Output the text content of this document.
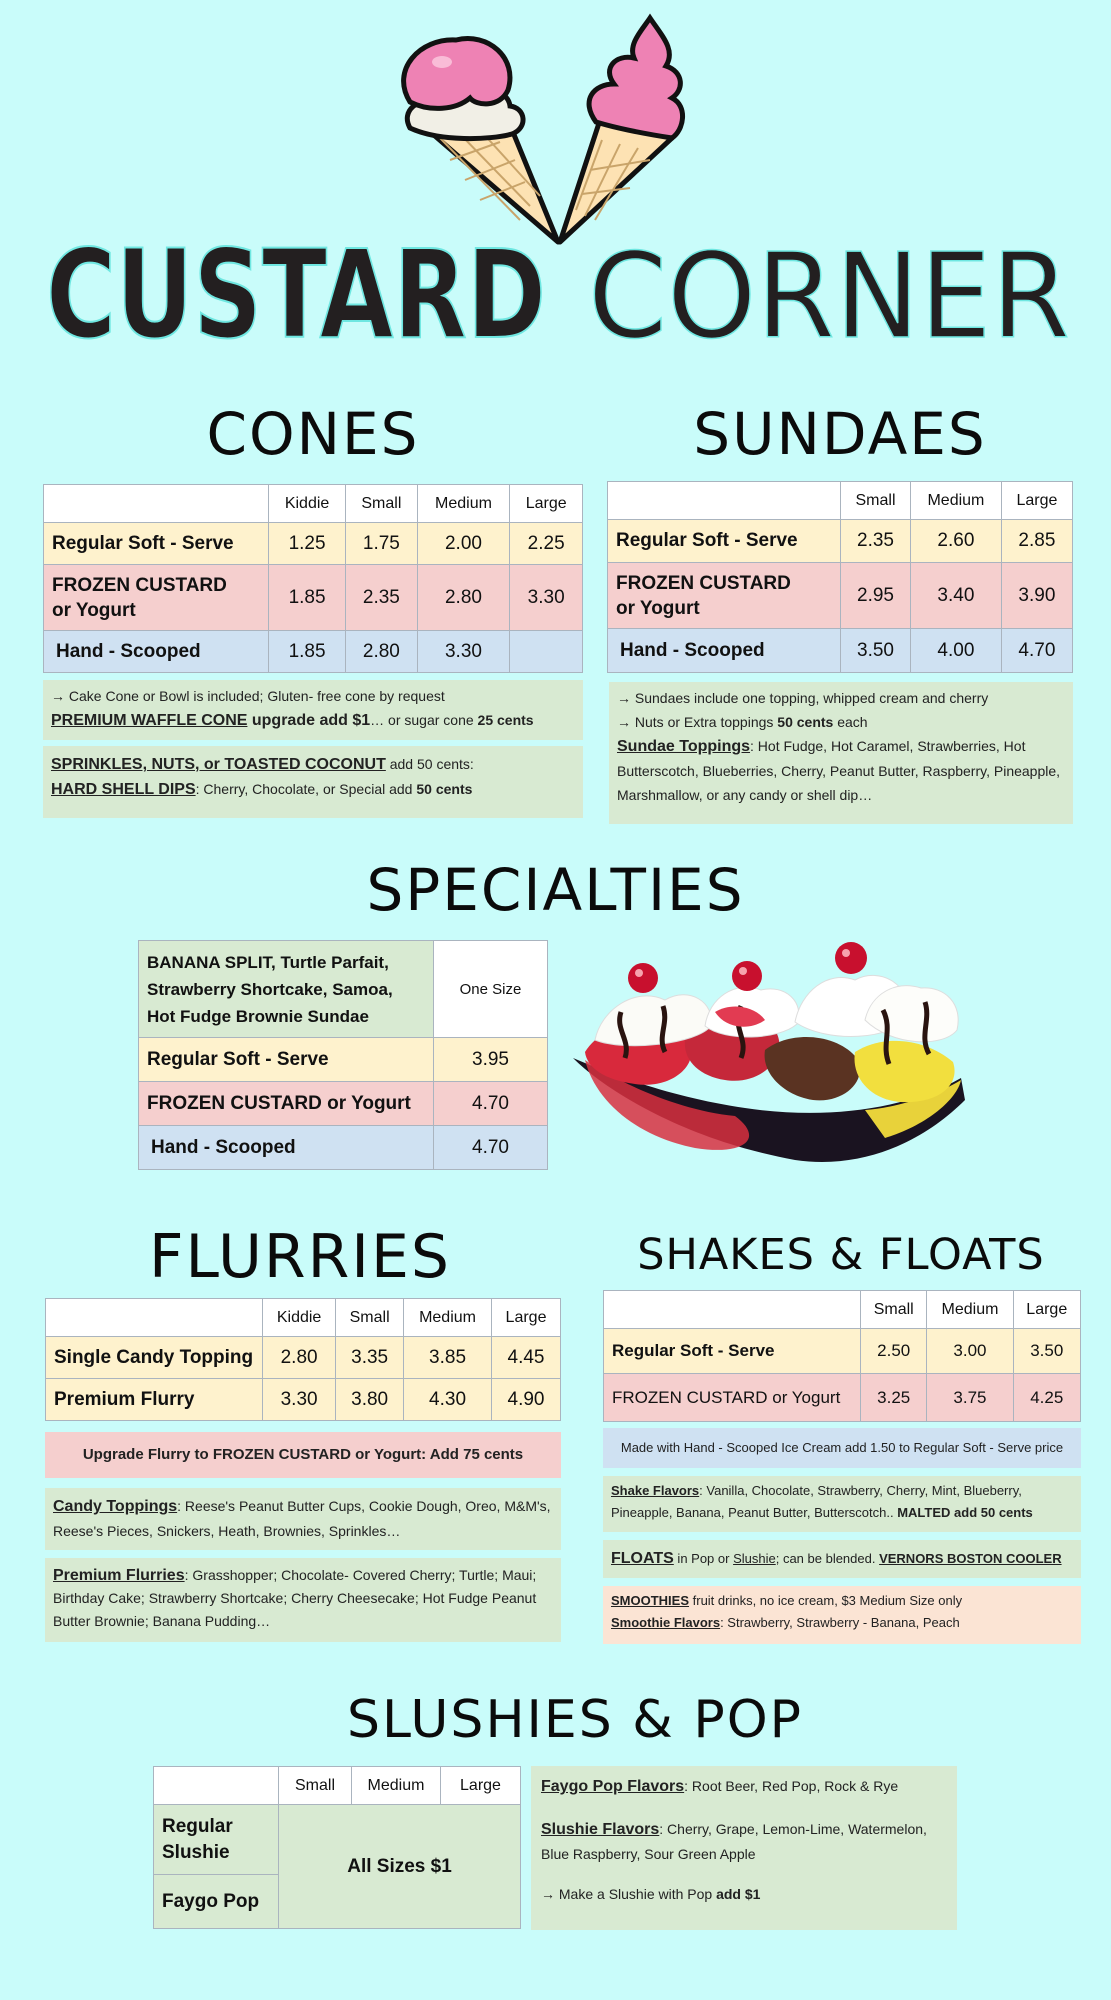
CUSTARD CORNER
CONES
	Kiddie	Small	Medium	Large
Regular Soft - Serve	1.25	1.75	2.00	2.25
FROZEN CUSTARD or Yogurt	1.85	2.35	2.80	3.30
Hand - Scooped	1.85	2.80	3.30	
→ Cake Cone or Bowl is included; Gluten- free cone by request
PREMIUM WAFFLE CONE upgrade add $1… or sugar cone 25 cents
SPRINKLES, NUTS, or TOASTED COCONUT add 50 cents:
HARD SHELL DIPS: Cherry, Chocolate, or Special add 50 cents
SUNDAES
	Small	Medium	Large
Regular Soft - Serve	2.35	2.60	2.85
FROZEN CUSTARD or Yogurt	2.95	3.40	3.90
Hand - Scooped	3.50	4.00	4.70
→ Sundaes include one topping, whipped cream and cherry
→ Nuts or Extra toppings 50 cents each
Sundae Toppings: Hot Fudge, Hot Caramel, Strawberries, Hot Butterscotch, Blueberries, Cherry, Peanut Butter, Raspberry, Pineapple, Marshmallow, or any candy or shell dip…
SPECIALTIES
BANANA SPLIT, Turtle Parfait, Strawberry Shortcake, Samoa, Hot Fudge Brownie Sundae	One Size
Regular Soft - Serve	3.95
FROZEN CUSTARD or Yogurt	4.70
Hand - Scooped	4.70
FLURRIES
	Kiddie	Small	Medium	Large
Single Candy Topping	2.80	3.35	3.85	4.45
Premium Flurry	3.30	3.80	4.30	4.90
Upgrade Flurry to FROZEN CUSTARD or Yogurt: Add 75 cents
Candy Toppings: Reese's Peanut Butter Cups, Cookie Dough, Oreo, M&M's, Reese's Pieces, Snickers, Heath, Brownies, Sprinkles…
Premium Flurries: Grasshopper; Chocolate- Covered Cherry; Turtle; Maui; Birthday Cake; Strawberry Shortcake; Cherry Cheesecake; Hot Fudge Peanut Butter Brownie; Banana Pudding…
SHAKES & FLOATS
	Small	Medium	Large
Regular Soft - Serve	2.50	3.00	3.50
FROZEN CUSTARD or Yogurt	3.25	3.75	4.25
Made with Hand - Scooped Ice Cream add 1.50 to Regular Soft - Serve price
Shake Flavors: Vanilla, Chocolate, Strawberry, Cherry, Mint, Blueberry, Pineapple, Banana, Peanut Butter, Butterscotch.. MALTED add 50 cents
FLOATS in Pop or Slushie; can be blended. VERNORS BOSTON COOLER
SMOOTHIES fruit drinks, no ice cream, $3 Medium Size only
Smoothie Flavors: Strawberry, Strawberry - Banana, Peach
SLUSHIES & POP
	Small	Medium	Large
Regular Slushie	All Sizes $1		
Faygo Pop			
Faygo Pop Flavors: Root Beer, Red Pop, Rock & Rye
Slushie Flavors: Cherry, Grape, Lemon-Lime, Watermelon, Blue Raspberry, Sour Green Apple
→ Make a Slushie with Pop add $1
